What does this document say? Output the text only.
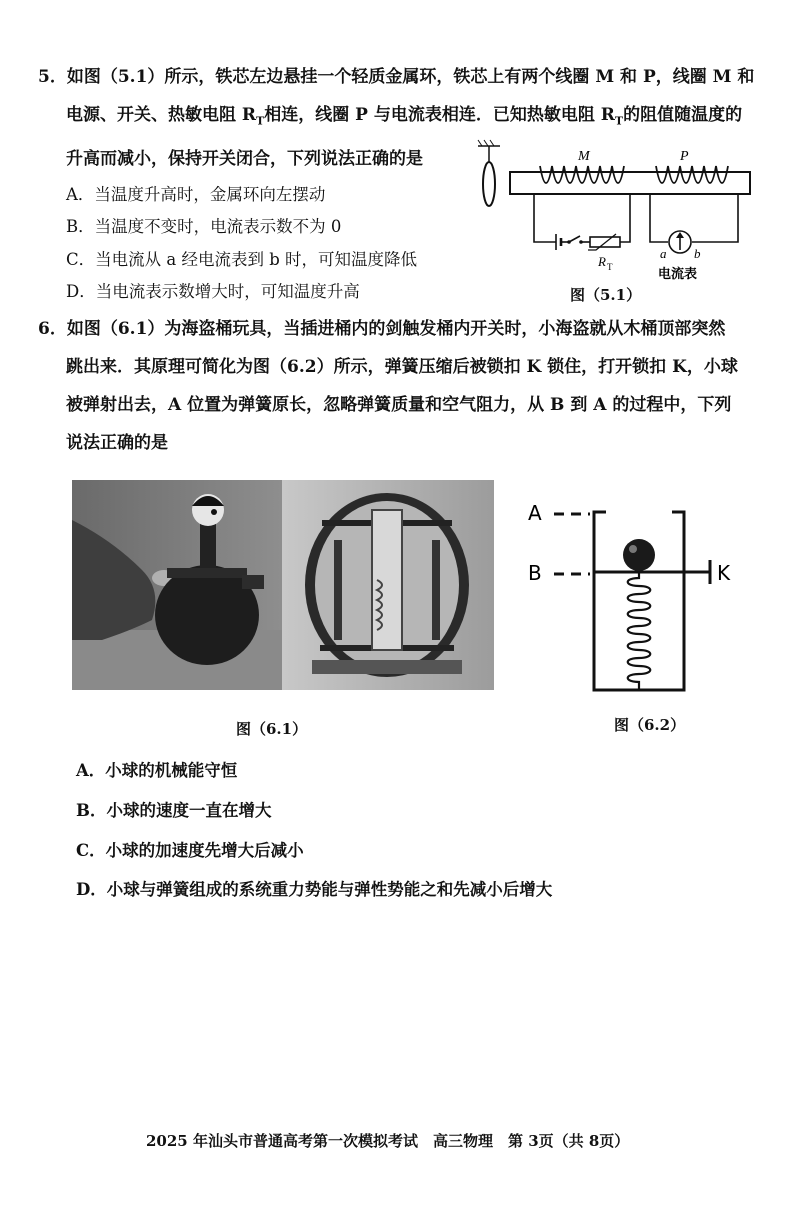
5．如图（5.1）所示，铁芯左边悬挂一个轻质金属环，铁芯上有两个线圈 M 和 P，线圈 M 和
电源、开关、热敏电阻 $R_T$相连，线圈 P 与电流表相连．已知热敏电阻 $R_T$的阻值随温度的
升高而减小，保持开关闭合，下列说法正确的是
A．当温度升高时，金属环向左摆动
B．当温度不变时，电流表示数不为 0
C．当电流从 a 经电流表到 b 时，可知温度降低
D．当电流表示数增大时，可知温度升高
M	P
R T
a b
电流表
图（5.1）
6．如图（6.1）为海盗桶玩具，当插进桶内的剑触发桶内开关时，小海盗就从木桶顶部突然
跳出来．其原理可简化为图（6.2）所示，弹簧压缩后被锁扣 K 锁住，打开锁扣 K，小球
被弹射出去，A 位置为弹簧原长，忽略弹簧质量和空气阻力，从 B 到 A 的过程中，下列
说法正确的是
图（6.1）
A
B	K
图（6.2）
A．小球的机械能守恒
B．小球的速度一直在增大
C．小球的加速度先增大后减小
D．小球与弹簧组成的系统重力势能与弹性势能之和先减小后增大
2025 年汕头市普通高考第一次模拟考试　高三物理　第 3页（共 8页）
